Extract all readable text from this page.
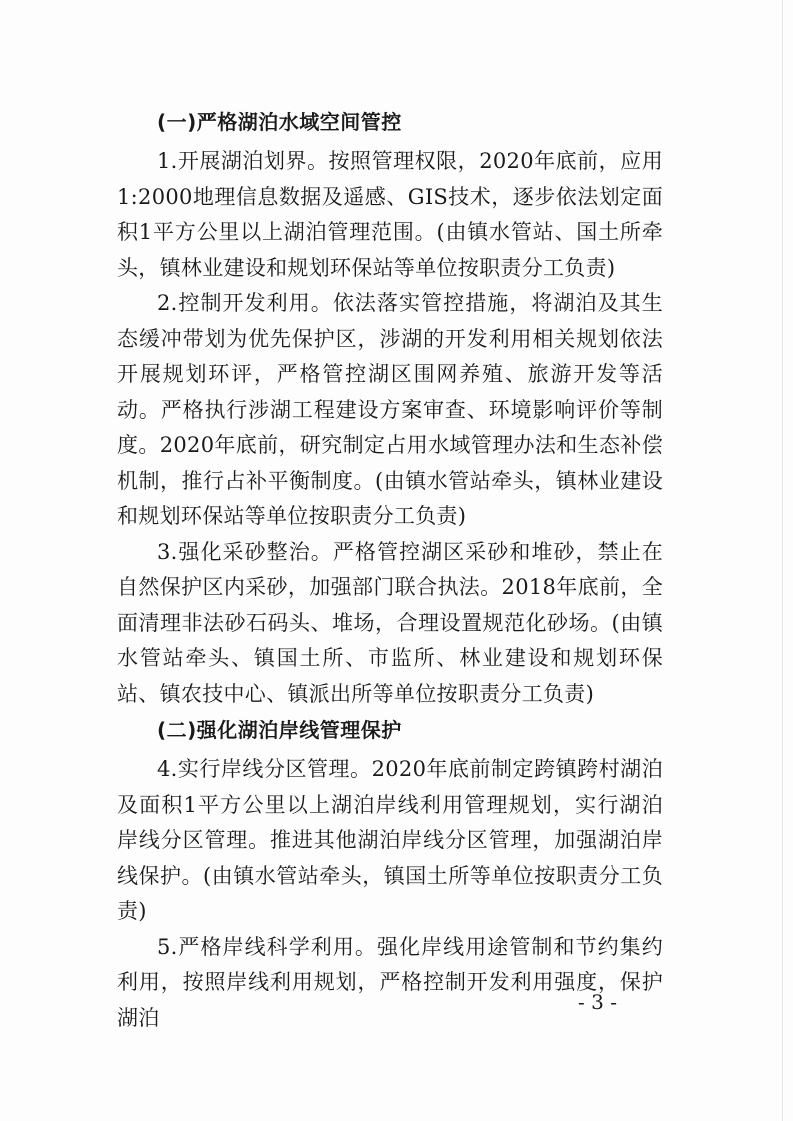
(一)严格湖泊水域空间管控

1.开展湖泊划界。按照管理权限，2020年底前，应用1:2000地理信息数据及遥感、GIS技术，逐步依法划定面积1平方公里以上湖泊管理范围。(由镇水管站、国土所牵头，镇林业建设和规划环保站等单位按职责分工负责)

2.控制开发利用。依法落实管控措施，将湖泊及其生态缓冲带划为优先保护区，涉湖的开发利用相关规划依法开展规划环评，严格管控湖区围网养殖、旅游开发等活动。严格执行涉湖工程建设方案审查、环境影响评价等制度。2020年底前，研究制定占用水域管理办法和生态补偿机制，推行占补平衡制度。(由镇水管站牵头，镇林业建设和规划环保站等单位按职责分工负责)

3.强化采砂整治。严格管控湖区采砂和堆砂，禁止在自然保护区内采砂，加强部门联合执法。2018年底前，全面清理非法砂石码头、堆场，合理设置规范化砂场。(由镇水管站牵头、镇国土所、市监所、林业建设和规划环保站、镇农技中心、镇派出所等单位按职责分工负责)

(二)强化湖泊岸线管理保护

4.实行岸线分区管理。2020年底前制定跨镇跨村湖泊及面积1平方公里以上湖泊岸线利用管理规划，实行湖泊岸线分区管理。推进其他湖泊岸线分区管理，加强湖泊岸线保护。(由镇水管站牵头，镇国土所等单位按职责分工负责)

5.严格岸线科学利用。强化岸线用途管制和节约集约利用，按照岸线利用规划，严格控制开发利用强度，保护湖泊

- 3 -
